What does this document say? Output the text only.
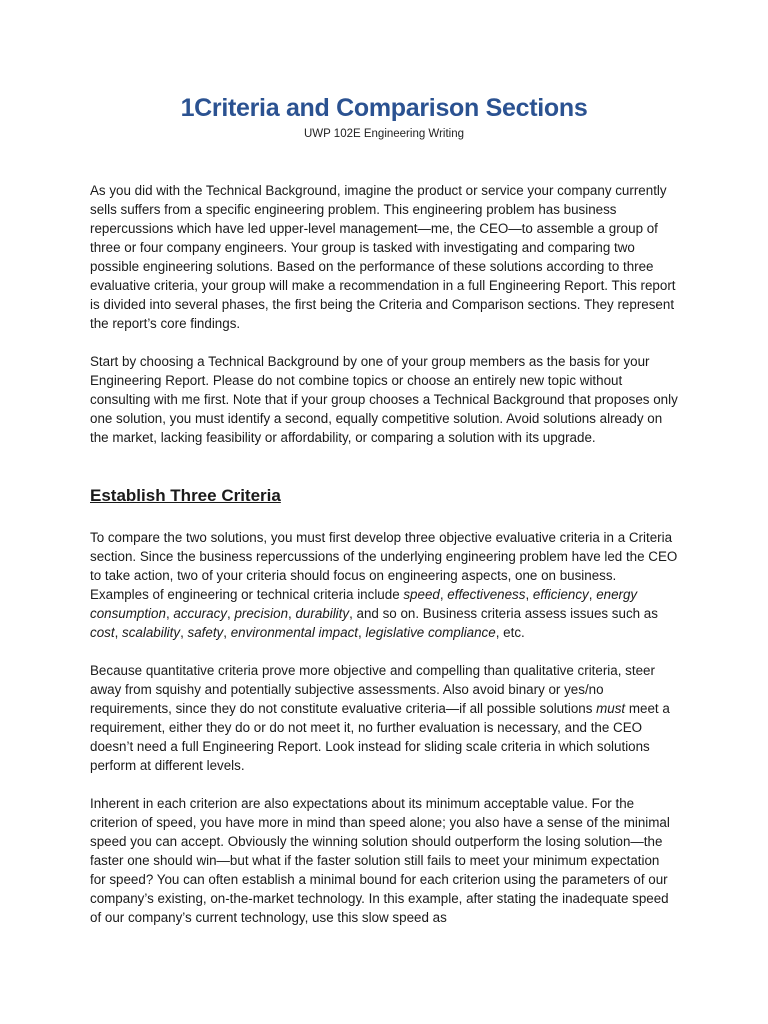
1Criteria and Comparison Sections
UWP 102E Engineering Writing

As you did with the Technical Background, imagine the product or service your company currently sells suffers from a specific engineering problem. This engineering problem has business repercussions which have led upper-level management—me, the CEO—to assemble a group of three or four company engineers. Your group is tasked with investigating and comparing two possible engineering solutions. Based on the performance of these solutions according to three evaluative criteria, your group will make a recommendation in a full Engineering Report. This report is divided into several phases, the first being the Criteria and Comparison sections. They represent the report’s core findings.

Start by choosing a Technical Background by one of your group members as the basis for your Engineering Report. Please do not combine topics or choose an entirely new topic without consulting with me first. Note that if your group chooses a Technical Background that proposes only one solution, you must identify a second, equally competitive solution. Avoid solutions already on the market, lacking feasibility or affordability, or comparing a solution with its upgrade.

Establish Three Criteria

To compare the two solutions, you must first develop three objective evaluative criteria in a Criteria section. Since the business repercussions of the underlying engineering problem have led the CEO to take action, two of your criteria should focus on engineering aspects, one on business. Examples of engineering or technical criteria include speed, effectiveness, efficiency, energy consumption, accuracy, precision, durability, and so on. Business criteria assess issues such as cost, scalability, safety, environmental impact, legislative compliance, etc.

Because quantitative criteria prove more objective and compelling than qualitative criteria, steer away from squishy and potentially subjective assessments. Also avoid binary or yes/no requirements, since they do not constitute evaluative criteria—if all possible solutions must meet a requirement, either they do or do not meet it, no further evaluation is necessary, and the CEO doesn’t need a full Engineering Report. Look instead for sliding scale criteria in which solutions perform at different levels.

Inherent in each criterion are also expectations about its minimum acceptable value. For the criterion of speed, you have more in mind than speed alone; you also have a sense of the minimal speed you can accept. Obviously the winning solution should outperform the losing solution—the faster one should win—but what if the faster solution still fails to meet your minimum expectation for speed? You can often establish a minimal bound for each criterion using the parameters of our company’s existing, on-the-market technology. In this example, after stating the inadequate speed of our company’s current technology, use this slow speed as
